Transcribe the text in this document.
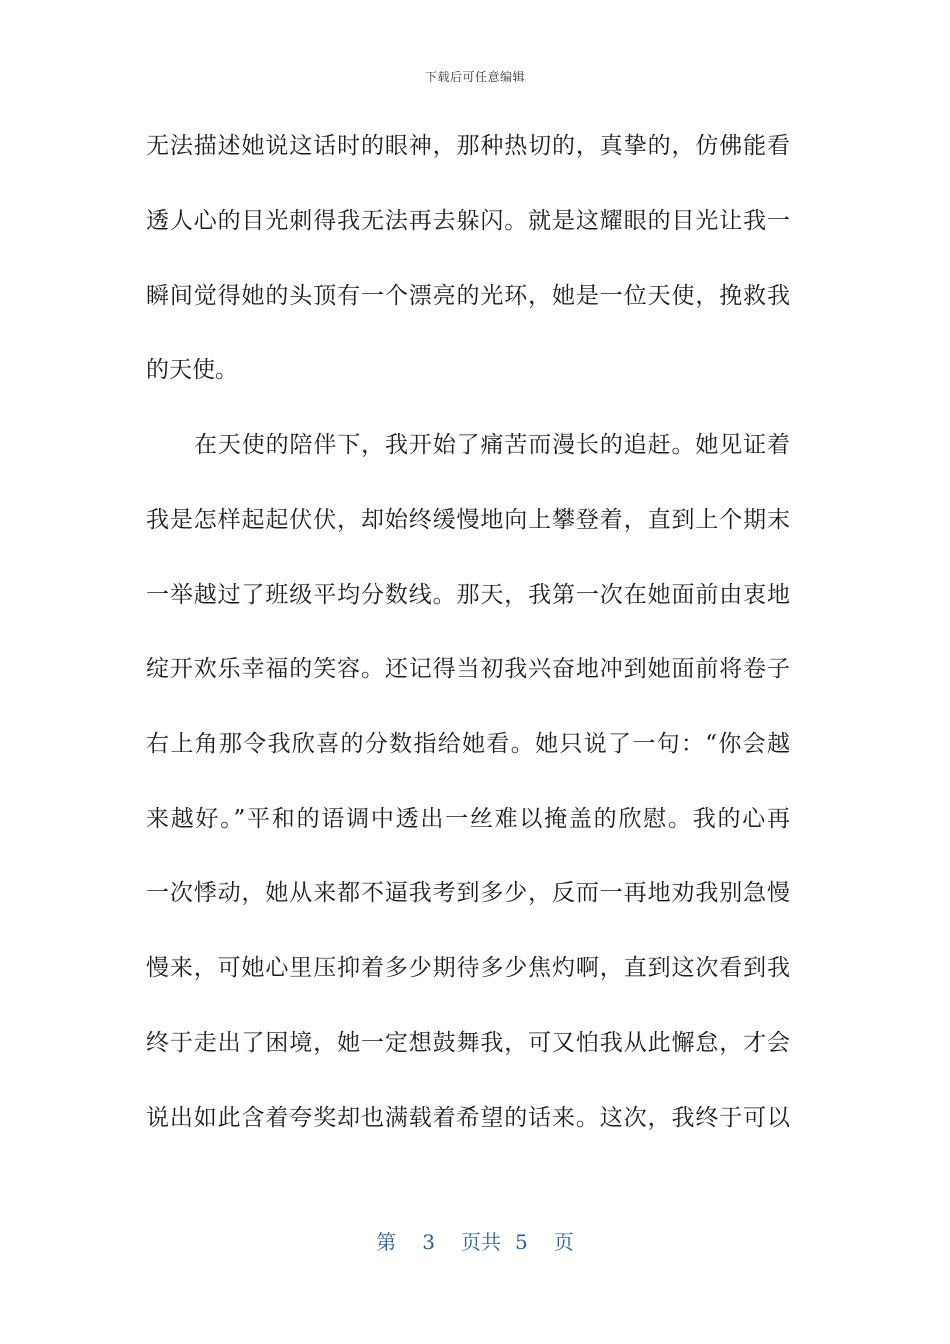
下载后可任意编辑
无法描述她说这话时的眼神，那种热切的，真挚的，仿佛能看
透人心的目光刺得我无法再去躲闪。就是这耀眼的目光让我一
瞬间觉得她的头顶有一个漂亮的光环，她是一位天使，挽救我
的天使。
在天使的陪伴下，我开始了痛苦而漫长的追赶。她见证着
我是怎样起起伏伏，却始终缓慢地向上攀登着，直到上个期末
一举越过了班级平均分数线。那天，我第一次在她面前由衷地
绽开欢乐幸福的笑容。还记得当初我兴奋地冲到她面前将卷子
右上角那令我欣喜的分数指给她看。她只说了一句：“你会越
来越好。”平和的语调中透出一丝难以掩盖的欣慰。我的心再
一次悸动，她从来都不逼我考到多少，反而一再地劝我别急慢
慢来，可她心里压抑着多少期待多少焦灼啊，直到这次看到我
终于走出了困境，她一定想鼓舞我，可又怕我从此懈怠，才会
说出如此含着夸奖却也满载着希望的话来。这次，我终于可以
第 3 页共 5 页
